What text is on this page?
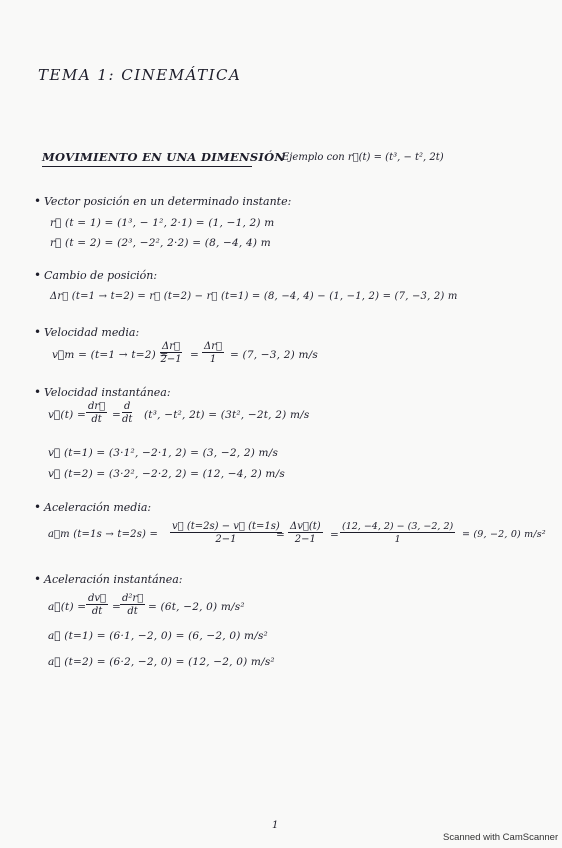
TEMA 1: CINEMÁTICA
MOVIMIENTO EN UNA DIMENSIÓN
Ejemplo con r⃗(t) = (t³, − t², 2t)
• Vector posición en un determinado instante:
r⃗ (t = 1) = (1³, − 1², 2·1) = (1, −1, 2) m
r⃗ (t = 2) = (2³, −2², 2·2) = (8, −4, 4) m
• Cambio de posición:
Δr⃗ (t=1 → t=2) = r⃗ (t=2) − r⃗ (t=1) = (8, −4, 4) − (1, −1, 2) = (7, −3, 2) m
• Velocidad media:
v⃗m = (t=1 → t=2) =
$\frac{\Delta r⃗}{2-1} = \frac{\Delta r⃗}{1} = (7$, −3, 2) m/s
• Velocidad instantánea:
v⃗(t) = $\frac{dr⃗}{dt} = \frac{d}{dt} (t^3$, −t², 2t) = (3t², −2t, 2) m/s
v⃗ (t=1) = (3·1², −2·1, 2) = (3, −2, 2) m/s
v⃗ (t=2) = (3·2², −2·2, 2) = (12, −4, 2) m/s
• Aceleración media:
a⃗m $(t=1s \to t=2s) = \frac{v⃗ (t=2s) - v⃗ (t=1s)}{2-1}$
= $\frac{\Delta v⃗(t)}{2-1} = \frac{(12, -4, 2) - (3, -2, 2)}{1} = (9$, −2, 0) m/s²
• Aceleración instantánea:
a⃗(t) = $\frac{dv⃗}{dt} = \frac{\text{d²r⃗}}{dt} = (6t$, −2, 0) m/s²
a⃗ (t=1) = (6·1, −2, 0) = (6, −2, 0) m/s²
a⃗ (t=2) = (6·2, −2, 0) = (12, −2, 0) m/s²
1
Scanned with CamScanner
